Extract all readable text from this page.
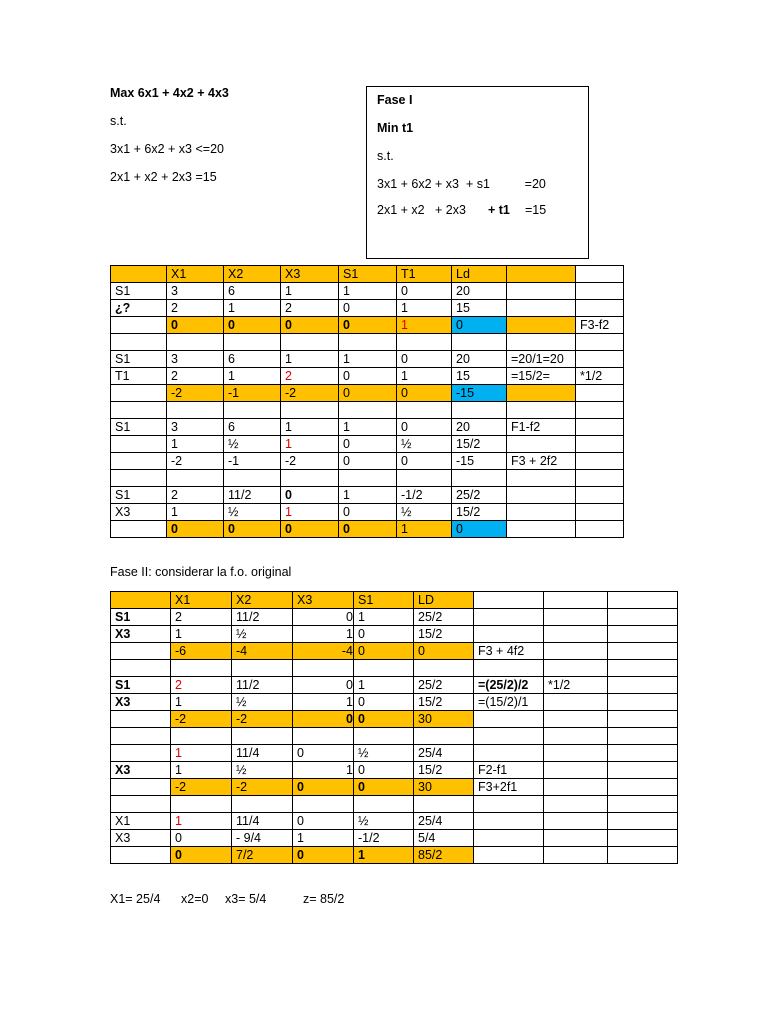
Max 6x1 + 4x2 + 4x3
s.t.
3x1 + 6x2 + x3 <=20
2x1 + x2 + 2x3 =15
Fase I
Min t1
s.t.
3x1 + 6x2 + x3  + s1          =20
2x1 + x2   + 2x3 + t1 =15
	X1	X2	X3	S1	T1	Ld		
S1	3	6	1	1	0	20		
¿?	2	1	2	0	1	15		
	0	0	0	0	1	0		F3-f2

S1	3	6	1	1	0	20	=20/1=20	
T1	2	1	2	0	1	15	=15/2=	*1/2
	-2	-1	-2	0	0	-15		

S1	3	6	1	1	0	20	F1-f2	
	1	½	1	0	½	15/2		
	-2	-1	-2	0	0	-15	F3 + 2f2	

S1	2	11/2	0	1	-1/2	25/2		
X3	1	½	1	0	½	15/2		
	0	0	0	0	1	0		
Fase II: considerar la f.o. original
	X1	X2	X3	S1	LD			
S1	2	11/2	0	1	25/2			
X3	1	½	1	0	15/2			
	-6	-4	-4	0	0	F3 + 4f2		

S1	2	11/2	0	1	25/2	=(25/2)/2	*1/2	
X3	1	½	1	0	15/2	=(15/2)/1		
	-2	-2	0	0	30			

	1	11/4	0	½	25/4			
X3	1	½	1	0	15/2	F2-f1		
	-2	-2	0	0	30	F3+2f1		

X1	1	11/4	0	½	25/4			
X3	0	- 9/4	1	-1/2	5/4			
	0	7/2	0	1	85/2			
X1= 25/4 x2=0 x3= 5/4	z= 85/2
